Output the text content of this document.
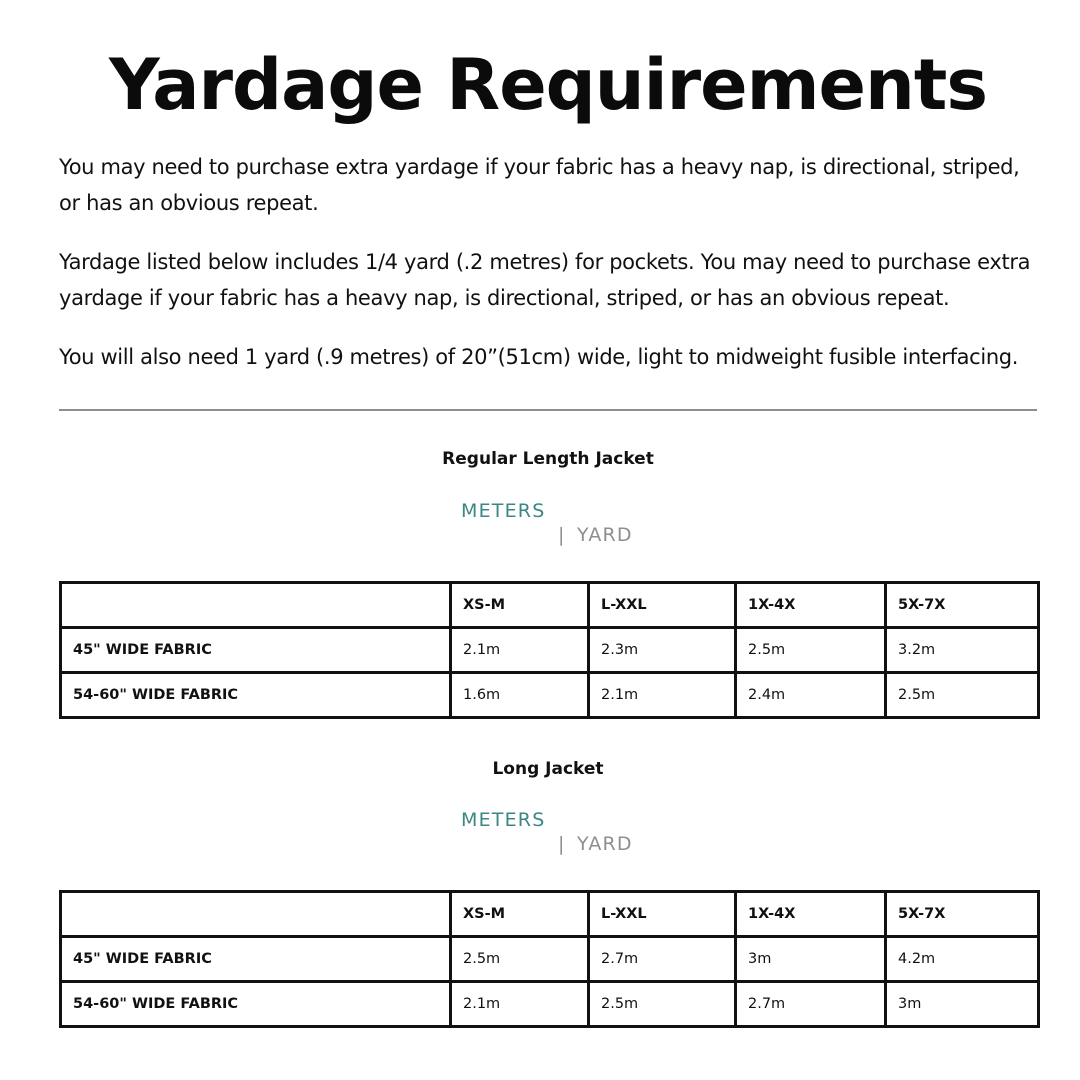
Yardage Requirements

You may need to purchase extra yardage if your fabric has a heavy nap, is directional, striped, or has an obvious repeat.

Yardage listed below includes 1/4 yard (.2 metres) for pockets. You may need to purchase extra yardage if your fabric has a heavy nap, is directional, striped, or has an obvious repeat.

You will also need 1 yard (.9 metres) of 20”(51cm) wide, light to midweight fusible interfacing.

Regular Length Jacket
METERS
| YARD
	XS-M	L-XXL	1X-4X	5X-7X
45" WIDE FABRIC	2.1m	2.3m	2.5m	3.2m
54-60" WIDE FABRIC	1.6m	2.1m	2.4m	2.5m
Long Jacket
METERS
| YARD
	XS-M	L-XXL	1X-4X	5X-7X
45" WIDE FABRIC	2.5m	2.7m	3m	4.2m
54-60" WIDE FABRIC	2.1m	2.5m	2.7m	3m
